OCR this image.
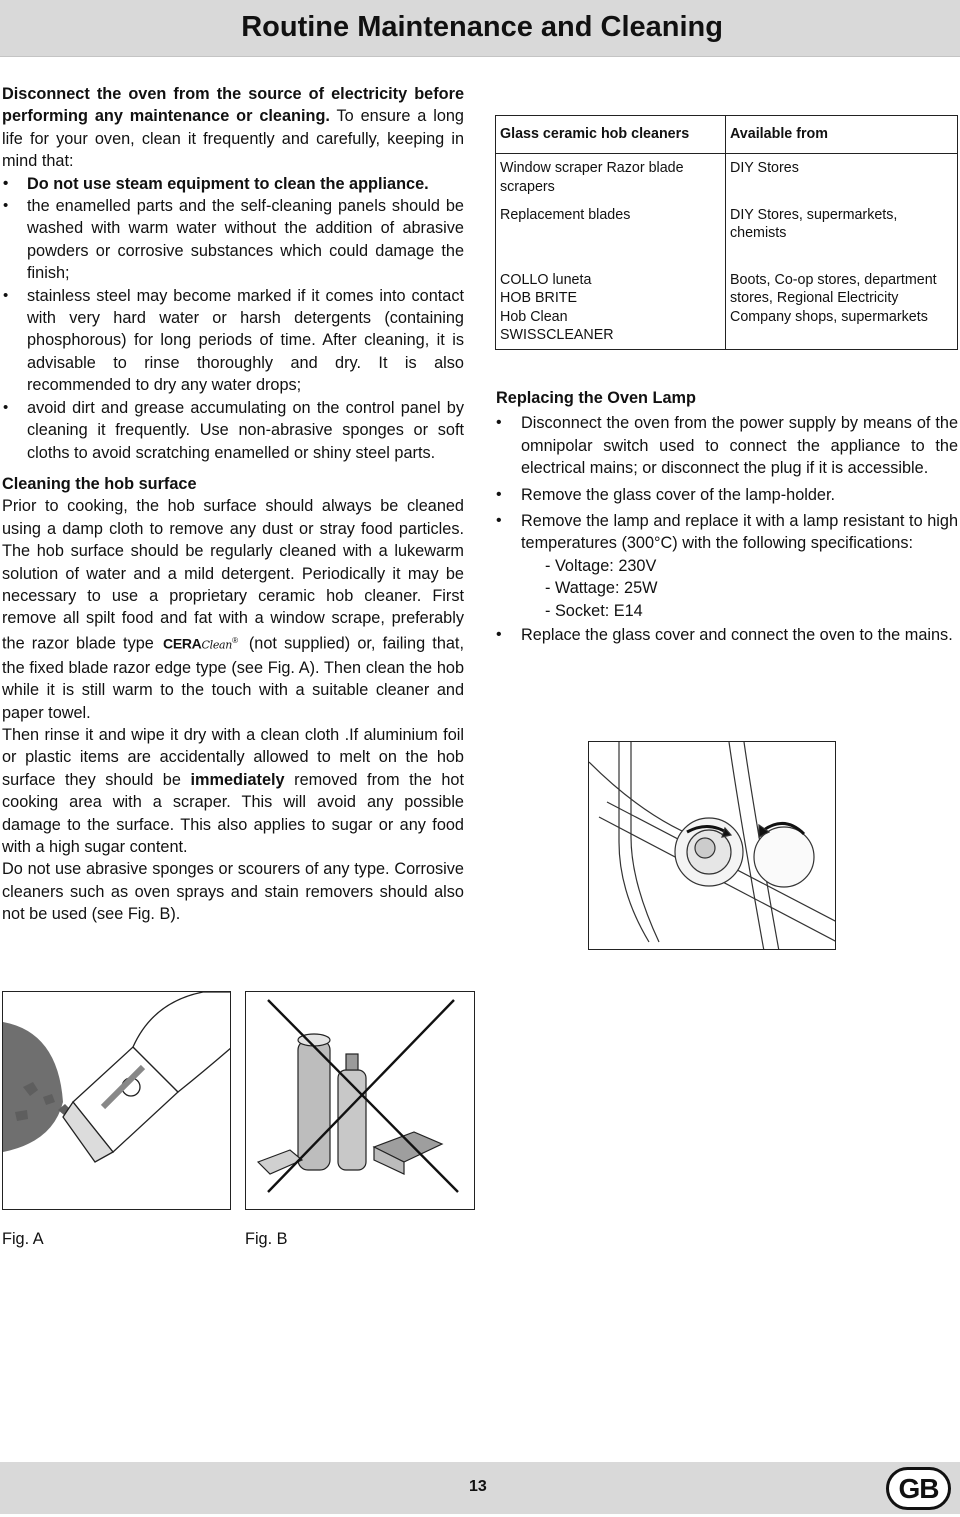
Routine Maintenance and Cleaning

Disconnect the oven from the source of electricity before performing any maintenance or cleaning. To ensure a long life for your oven, clean it frequently and carefully, keeping in mind that:

• Do not use steam equipment to clean the appliance.
• the enamelled parts and the self-cleaning panels should be washed with warm water without the addition of abrasive powders or corrosive substances which could damage the finish;
• stainless steel may become marked if it comes into contact with very hard water or harsh detergents (containing phosphorous) for long periods of time. After cleaning, it is advisable to rinse thoroughly and dry. It is also recommended to dry any water drops;
• avoid dirt and grease accumulating on the control panel by cleaning it frequently. Use non-abrasive sponges or soft cloths to avoid scratching enamelled or shiny steel parts.
Cleaning the hob surface

Prior to cooking, the hob surface should always be cleaned using a damp cloth to remove any dust or stray food particles. The hob surface should be regularly cleaned with a lukewarm solution of water and a mild detergent. Periodically it may be necessary to use a proprietary ceramic hob cleaner. First remove all spilt food and fat with a window scrape, preferably the razor blade type CERAClean® (not supplied) or, failing that, the fixed blade razor edge type (see Fig. A). Then clean the hob while it is still warm to the touch with a suitable cleaner and paper towel.

Then rinse it and wipe it dry with a clean cloth .If aluminium foil or plastic items are accidentally allowed to melt on the hob surface they should be immediately removed from the hot cooking area with a scraper. This will avoid any possible damage to the surface. This also applies to sugar or any food with a high sugar content.

Do not use abrasive sponges or scourers of any type. Corrosive cleaners such as oven sprays and stain removers should also not be used (see Fig. B).

Glass ceramic hob cleaners	Available from
Window scraper Razor blade scrapers	DIY Stores
Replacement blades	DIY Stores, supermarkets, chemists
COLLO luneta
HOB BRITE
Hob Clean
SWISSCLEANER	Boots, Co-op stores, department stores, Regional Electricity Company shops, supermarkets
Replacing the Oven Lamp
• Disconnect the oven from the power supply by means of the omnipolar switch used to connect the appliance to the electrical mains; or disconnect the plug if it is accessible.
• Remove the glass cover of the lamp-holder.
• Remove the lamp and replace it with a lamp resistant to high temperatures (300°C) with the following specifications:
- Voltage: 230V
- Wattage: 25W
- Socket: E14
• Replace the glass cover and connect the oven to the mains.
Fig. A	Fig. B
13	GB
